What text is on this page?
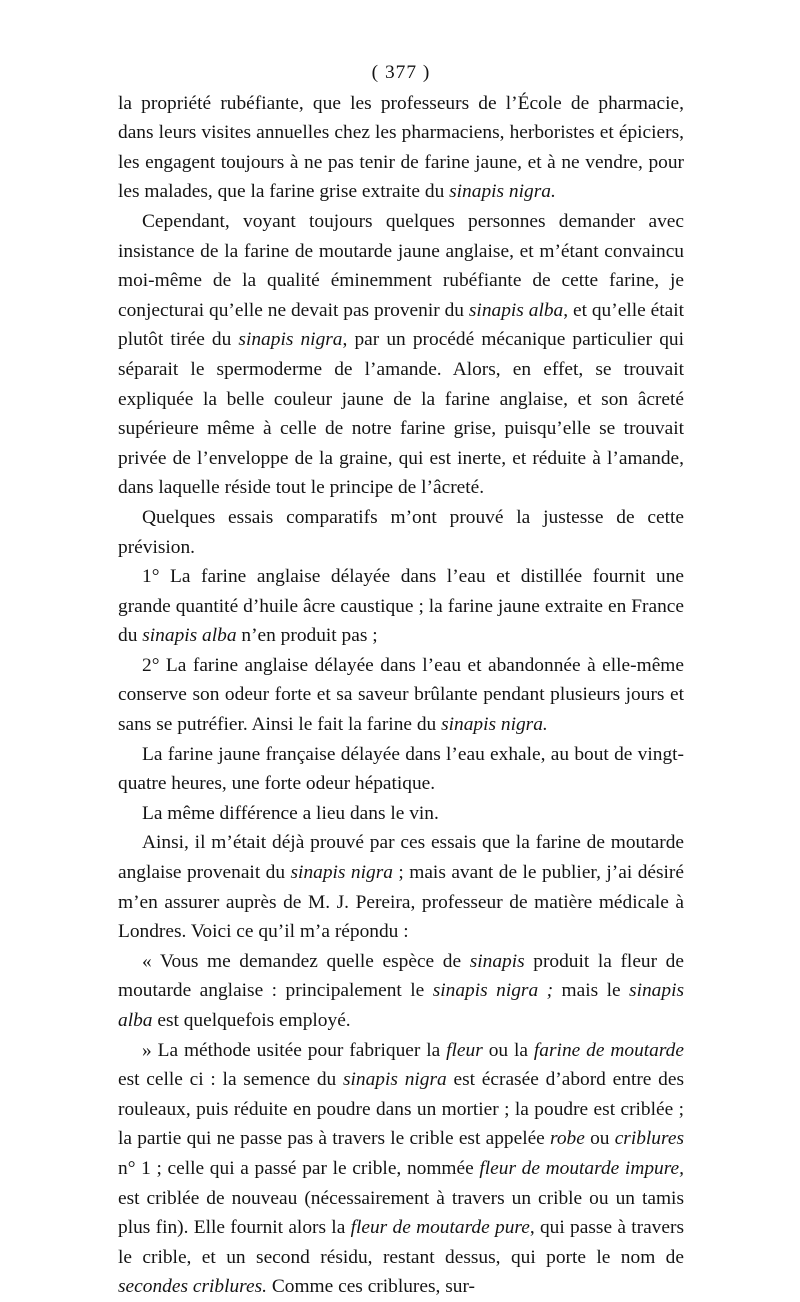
( 377 )

la propriété rubéfiante, que les professeurs de l’École de pharmacie, dans leurs visites annuelles chez les pharmaciens, herboristes et épiciers, les engagent toujours à ne pas tenir de farine jaune, et à ne vendre, pour les malades, que la farine grise extraite du sinapis nigra.

Cependant, voyant toujours quelques personnes demander avec insistance de la farine de moutarde jaune anglaise, et m’étant convaincu moi-même de la qualité éminemment rubéfiante de cette farine, je conjecturai qu’elle ne devait pas provenir du sinapis alba, et qu’elle était plutôt tirée du sinapis nigra, par un procédé mécanique particulier qui séparait le spermoderme de l’amande. Alors, en effet, se trouvait expliquée la belle couleur jaune de la farine anglaise, et son âcreté supérieure même à celle de notre farine grise, puisqu’elle se trouvait privée de l’enveloppe de la graine, qui est inerte, et réduite à l’amande, dans laquelle réside tout le principe de l’âcreté.

Quelques essais comparatifs m’ont prouvé la justesse de cette prévision.

1° La farine anglaise délayée dans l’eau et distillée fournit une grande quantité d’huile âcre caustique ; la farine jaune extraite en France du sinapis alba n’en produit pas ;

2° La farine anglaise délayée dans l’eau et abandonnée à elle-même conserve son odeur forte et sa saveur brûlante pendant plusieurs jours et sans se putréfier. Ainsi le fait la farine du sinapis nigra.

La farine jaune française délayée dans l’eau exhale, au bout de vingt-quatre heures, une forte odeur hépatique.

La même différence a lieu dans le vin.

Ainsi, il m’était déjà prouvé par ces essais que la farine de moutarde anglaise provenait du sinapis nigra ; mais avant de le publier, j’ai désiré m’en assurer auprès de M. J. Pereira, professeur de matière médicale à Londres. Voici ce qu’il m’a répondu :

« Vous me demandez quelle espèce de sinapis produit la fleur de moutarde anglaise : principalement le sinapis nigra ; mais le sinapis alba est quelquefois employé.

» La méthode usitée pour fabriquer la fleur ou la farine de moutarde est celle ci : la semence du sinapis nigra est écrasée d’abord entre des rouleaux, puis réduite en poudre dans un mortier ; la poudre est criblée ; la partie qui ne passe pas à travers le crible est appelée robe ou criblures n° 1 ; celle qui a passé par le crible, nommée fleur de moutarde impure, est criblée de nouveau (nécessairement à travers un crible ou un tamis plus fin). Elle fournit alors la fleur de moutarde pure, qui passe à travers le crible, et un second résidu, restant dessus, qui porte le nom de secondes criblures. Comme ces criblures, sur-
